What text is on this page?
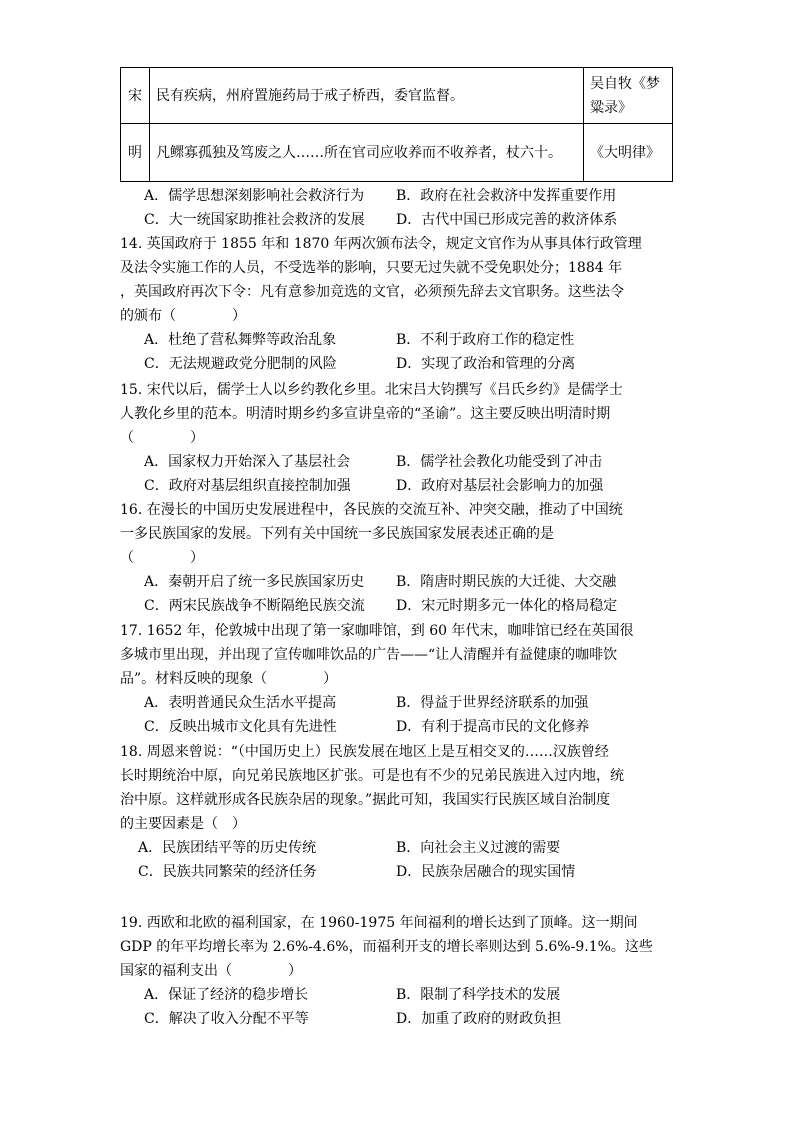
宋	民有疾病，州府置施药局于戒子桥西，委官监督。	吴自牧《梦粱录》
明	凡鳏寡孤独及笃废之人……所在官司应收养而不收养者，杖六十。	《大明律》
A．儒学思想深刻影响社会救济行为 B．政府在社会救济中发挥重要作用
C．大一统国家助推社会救济的发展 D．古代中国已形成完善的救济体系
14. 英国政府于 1855 年和 1870 年两次颁布法令，规定文官作为从事具体行政管理
及法令实施工作的人员，不受选举的影响，只要无过失就不受免职处分；1884 年
，英国政府再次下令：凡有意参加竞选的文官，必须预先辞去文官职务。这些法令
的颁布（　　　　）
A．杜绝了营私舞弊等政治乱象	B．不利于政府工作的稳定性
C．无法规避政党分肥制的风险	D．实现了政治和管理的分离
15. 宋代以后，儒学士人以乡约教化乡里。北宋吕大钧撰写《吕氏乡约》是儒学士
人教化乡里的范本。明清时期乡约多宣讲皇帝的“圣谕”。这主要反映出明清时期
（　　　　）
A．国家权力开始深入了基层社会	B．儒学社会教化功能受到了冲击
C．政府对基层组织直接控制加强	D．政府对基层社会影响力的加强
16. 在漫长的中国历史发展进程中，各民族的交流互补、冲突交融，推动了中国统
一多民族国家的发展。下列有关中国统一多民族国家发展表述正确的是
（　　　　）
A．秦朝开启了统一多民族国家历史 B．隋唐时期民族的大迁徙、大交融
C．两宋民族战争不断隔绝民族交流 D．宋元时期多元一体化的格局稳定
17. 1652 年，伦敦城中出现了第一家咖啡馆，到 60 年代末，咖啡馆已经在英国很
多城市里出现，并出现了宣传咖啡饮品的广告——“让人清醒并有益健康的咖啡饮
品”。材料反映的现象（　　　　）
A．表明普通民众生活水平提高	B．得益于世界经济联系的加强
C．反映出城市文化具有先进性	D．有利于提高市民的文化修养
18. 周恩来曾说：“（中国历史上）民族发展在地区上是互相交叉的……汉族曾经
长时期统治中原，向兄弟民族地区扩张。可是也有不少的兄弟民族进入过内地，统
治中原。这样就形成各民族杂居的现象。”据此可知，我国实行民族区域自治制度
的主要因素是（　）
A．民族团结平等的历史传统	B．向社会主义过渡的需要
C．民族共同繁荣的经济任务	D．民族杂居融合的现实国情
19. 西欧和北欧的福利国家，在 1960-1975 年间福利的增长达到了顶峰。这一期间
GDP 的年平均增长率为 2.6%-4.6%，而福利开支的增长率则达到 5.6%-9.1%。这些
国家的福利支出（　　　　）
A．保证了经济的稳步增长	B．限制了科学技术的发展
C．解决了收入分配不平等	D．加重了政府的财政负担
